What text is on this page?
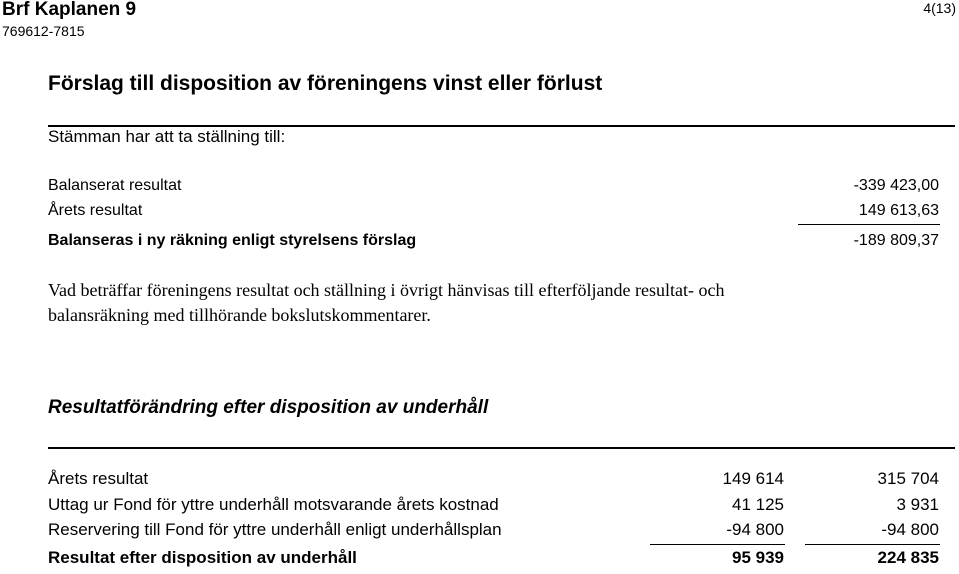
Brf Kaplanen 9
769612-7815
4(13)
Förslag till disposition av föreningens vinst eller förlust
Stämman har att ta ställning till:
Balanserat resultat	-339 423,00
Årets resultat	149 613,63
Balanseras i ny räkning enligt styrelsens förslag	-189 809,37
Vad beträffar föreningens resultat och ställning i övrigt hänvisas till efterföljande resultat- och
balansräkning med tillhörande bokslutskommentarer.
Resultatförändring efter disposition av underhåll
Årets resultat	149 614	315 704
Uttag ur Fond för yttre underhåll motsvarande årets kostnad	41 125	3 931
Reservering till Fond för yttre underhåll enligt underhållsplan	-94 800	-94 800
Resultat efter disposition av underhåll	95 939	224 835
